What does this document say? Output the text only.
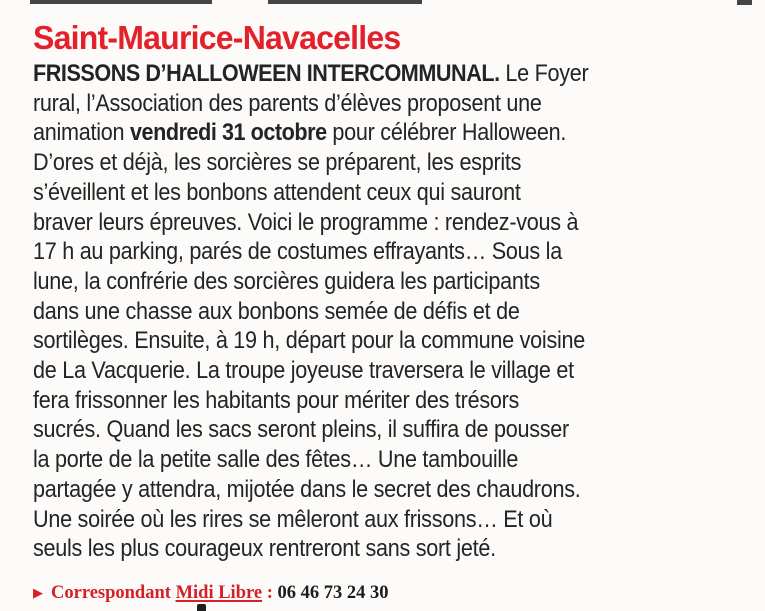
Saint-Maurice-Navacelles
FRISSONS D’HALLOWEEN INTERCOMMUNAL. Le Foyer
rural, l’Association des parents d’élèves proposent une
animation vendredi 31 octobre pour célébrer Halloween.
D’ores et déjà, les sorcières se préparent, les esprits
s’éveillent et les bonbons attendent ceux qui sauront
braver leurs épreuves. Voici le programme : rendez-vous à
17 h au parking, parés de costumes effrayants… Sous la
lune, la confrérie des sorcières guidera les participants
dans une chasse aux bonbons semée de défis et de
sortilèges. Ensuite, à 19 h, départ pour la commune voisine
de La Vacquerie. La troupe joyeuse traversera le village et
fera frissonner les habitants pour mériter des trésors
sucrés. Quand les sacs seront pleins, il suffira de pousser
la porte de la petite salle des fêtes… Une tambouille
partagée y attendra, mijotée dans le secret des chaudrons.
Une soirée où les rires se mêleront aux frissons… Et où
seuls les plus courageux rentreront sans sort jeté.
▶ Correspondant Midi Libre : 06 46 73 24 30
